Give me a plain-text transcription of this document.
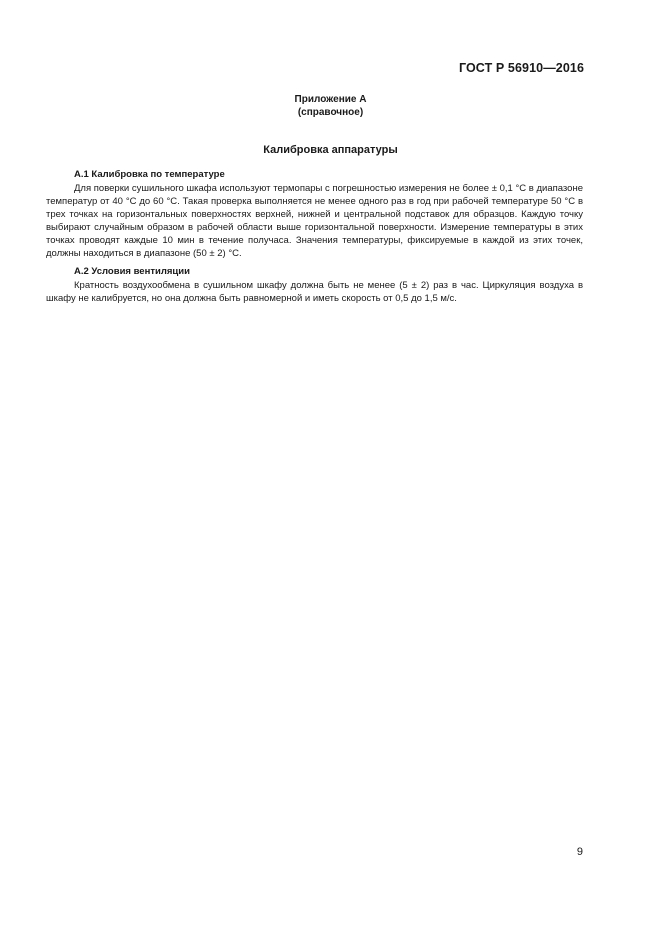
ГОСТ Р 56910—2016
Приложение А
(справочное)
Калибровка аппаратуры

А.1 Калибровка по температуре

Для поверки сушильного шкафа используют термопары с погрешностью измерения не более ± 0,1 °C в диапазоне температур от 40 °C до 60 °C. Такая проверка выполняется не менее одного раз в год при рабочей температуре 50 °C в трех точках на горизонтальных поверхностях верхней, нижней и центральной подставок для образцов. Каждую точку выбирают случайным образом в рабочей области выше горизонтальной поверхности. Измерение температуры в этих точках проводят каждые 10 мин в течение получаса. Значения температуры, фиксируемые в каждой из этих точек, должны находиться в диапазоне (50 ± 2) °C.

А.2 Условия вентиляции

Кратность воздухообмена в сушильном шкафу должна быть не менее (5 ± 2) раз в час. Циркуляция воздуха в шкафу не калибруется, но она должна быть равномерной и иметь скорость от 0,5 до 1,5 м/с.

9
